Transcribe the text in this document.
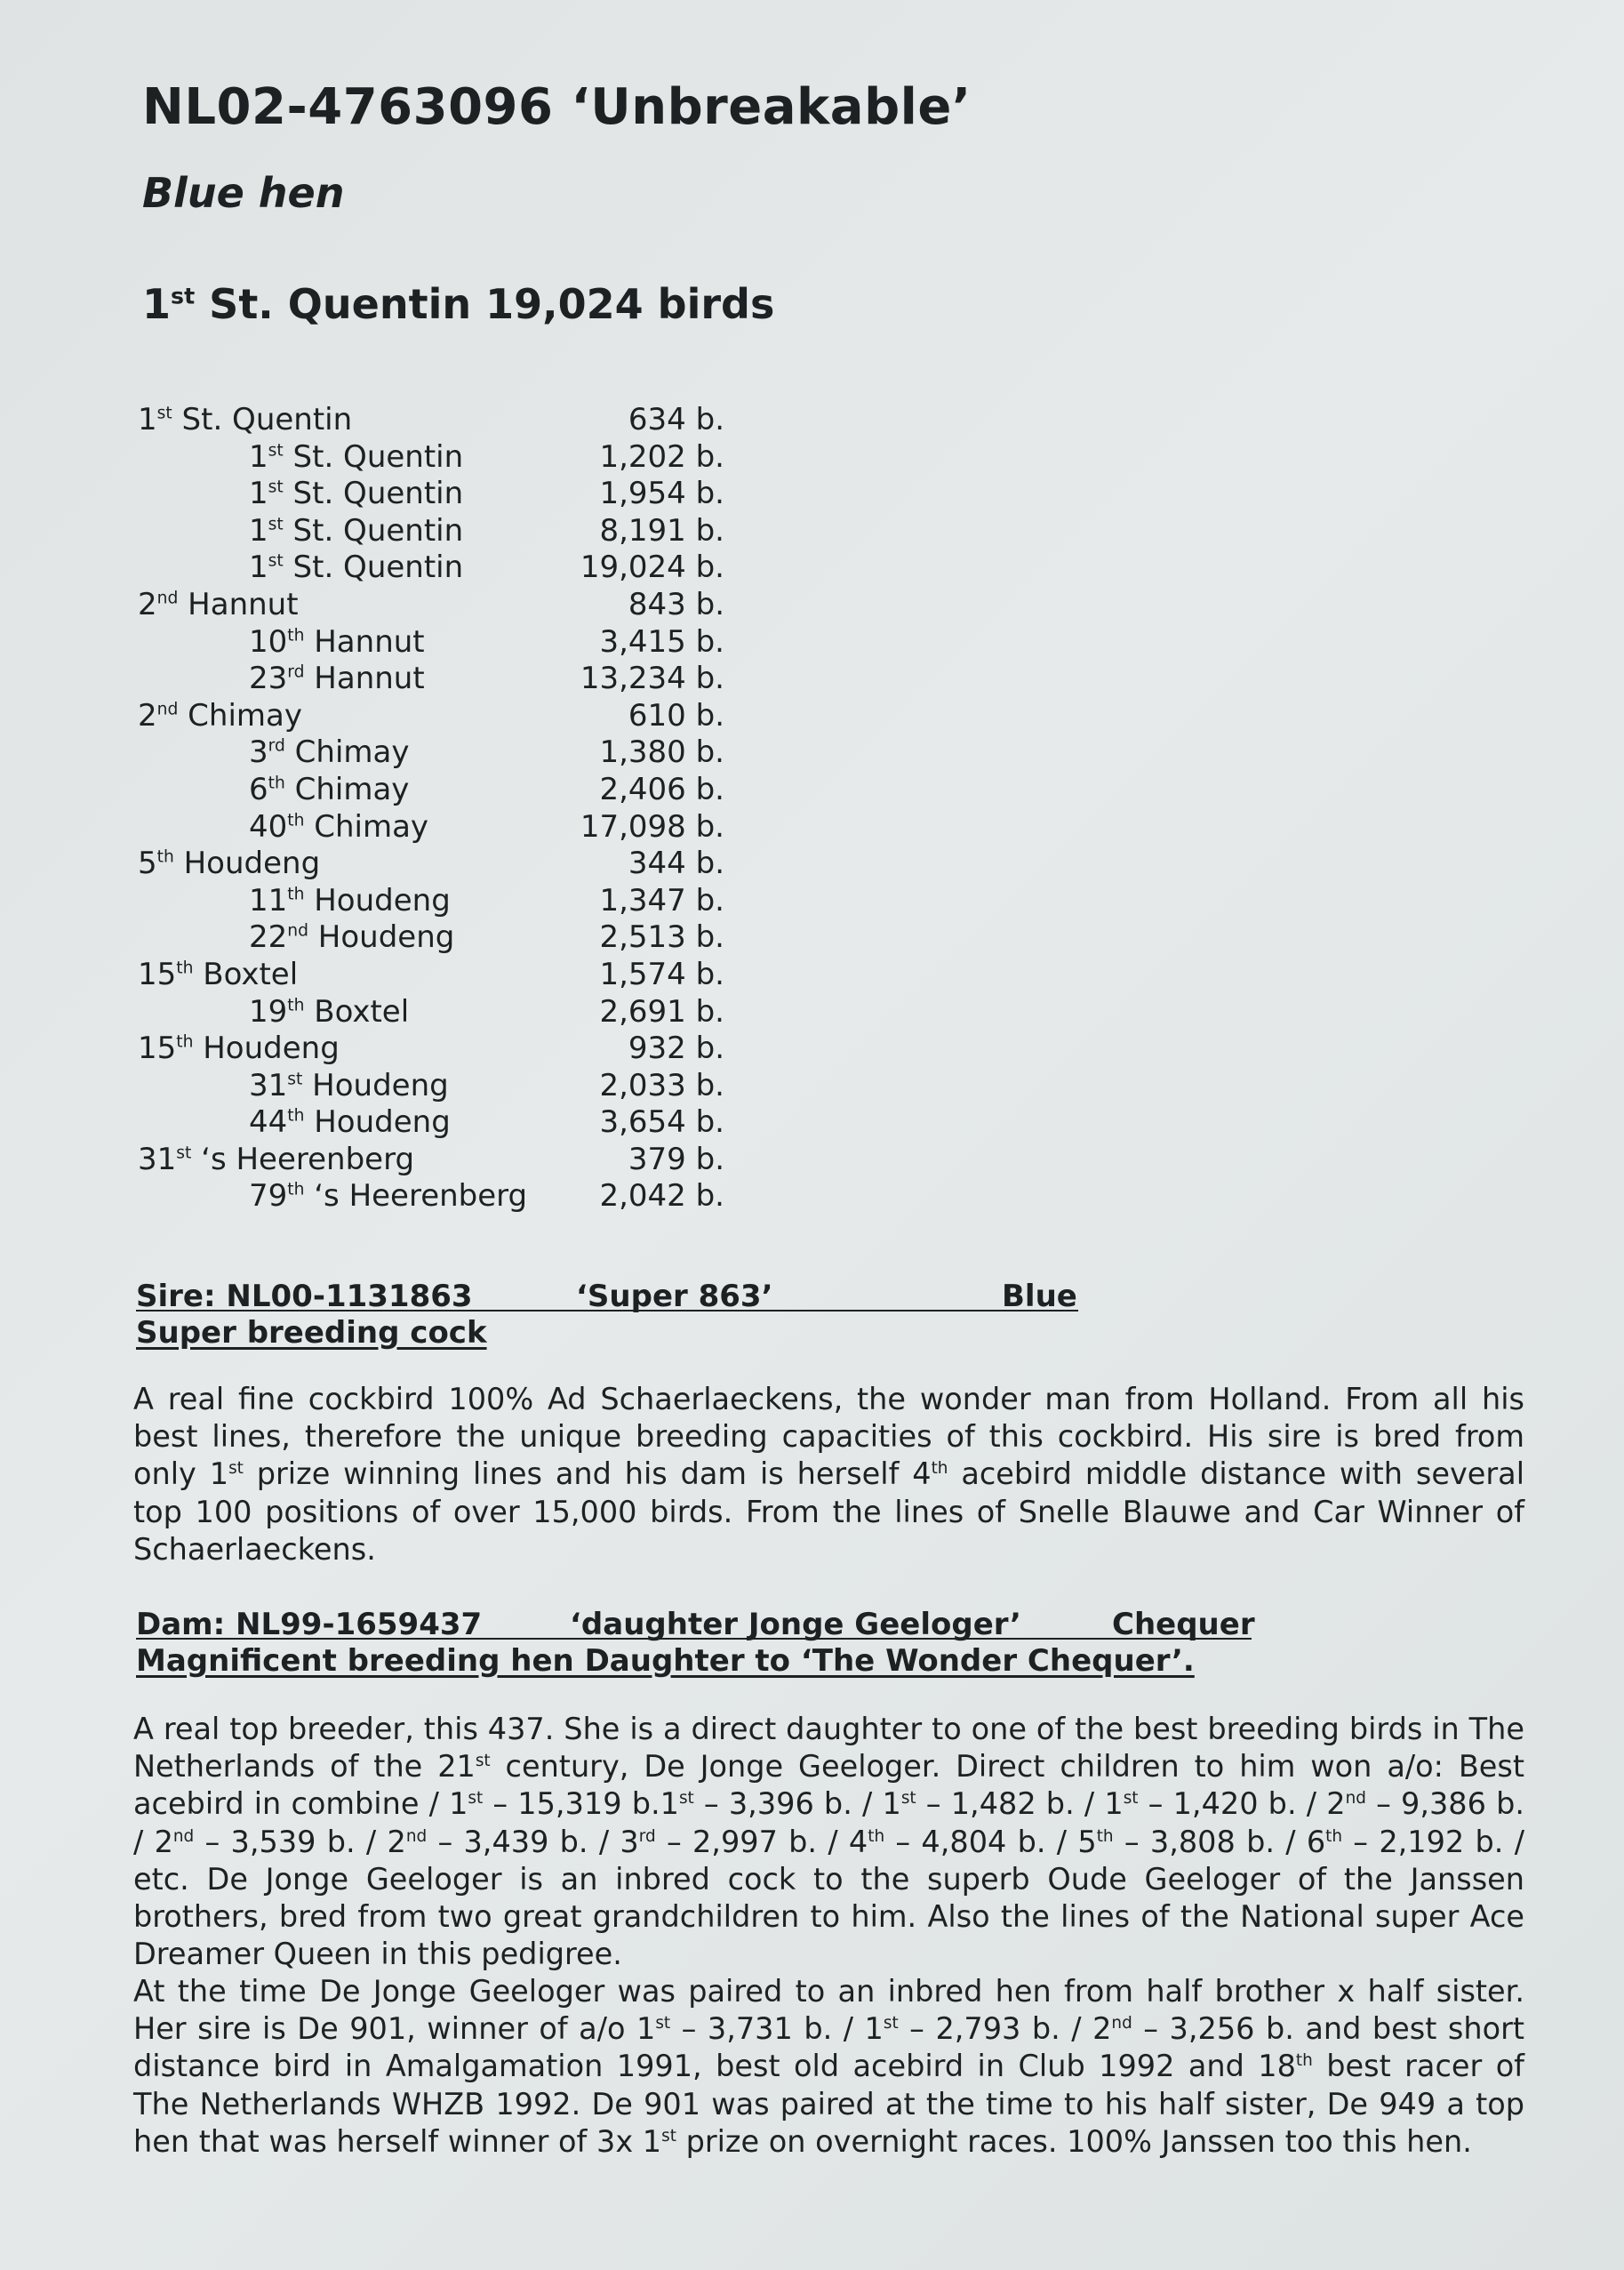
NL02-4763096 ‘Unbreakable’
Blue hen
1st St. Quentin 19,024 birds
1st St. Quentin	634 b.
1st St. Quentin	1,202 b.
1st St. Quentin	1,954 b.
1st St. Quentin	8,191 b.
1st St. Quentin	19,024 b.
2nd Hannut	843 b.
10th Hannut	3,415 b.
23rd Hannut	13,234 b.
2nd Chimay	610 b.
3rd Chimay	1,380 b.
6th Chimay	2,406 b.
40th Chimay	17,098 b.
5th Houdeng	344 b.
11th Houdeng	1,347 b.
22nd Houdeng	2,513 b.
15th Boxtel	1,574 b.
19th Boxtel	2,691 b.
15th Houdeng	932 b.
31st Houdeng	2,033 b.
44th Houdeng	3,654 b.
31st ‘s Heerenberg	379 b.
79th ‘s Heerenberg 2,042 b.
Sire: NL00-1131863	‘Super 863’	Blue

Super breeding cock

A real fine cockbird 100% Ad Schaerlaeckens, the wonder man from Holland. From all his best lines, therefore the unique breeding capacities of this cockbird. His sire is bred from only 1st prize winning lines and his dam is herself 4th acebird middle distance with several top 100 positions of over 15,000 birds. From the lines of Snelle Blauwe and Car Winner of Schaerlaeckens.

Dam: NL99-1659437	‘daughter Jonge Geeloger’	Chequer

Magnificent breeding hen Daughter to ‘The Wonder Chequer’.

A real top breeder, this 437. She is a direct daughter to one of the best breeding birds in The Netherlands of the 21st century, De Jonge Geeloger. Direct children to him won a/o: Best acebird in combine / 1st – 15,319 b.1st – 3,396 b. / 1st – 1,482 b. / 1st – 1,420 b. / 2nd – 9,386 b. / 2nd – 3,539 b. / 2nd – 3,439 b. / 3rd – 2,997 b. / 4th – 4,804 b. / 5th – 3,808 b. / 6th – 2,192 b. / etc. De Jonge Geeloger is an inbred cock to the superb Oude Geeloger of the Janssen brothers, bred from two great grandchildren to him. Also the lines of the National super Ace Dreamer Queen in this pedigree.

At the time De Jonge Geeloger was paired to an inbred hen from half brother x half sister. Her sire is De 901, winner of a/o 1st – 3,731 b. / 1st – 2,793 b. / 2nd – 3,256 b. and best short distance bird in Amalgamation 1991, best old acebird in Club 1992 and 18th best racer of The Netherlands WHZB 1992. De 901 was paired at the time to his half sister, De 949 a top hen that was herself winner of 3x 1st prize on overnight races. 100% Janssen too this hen.
